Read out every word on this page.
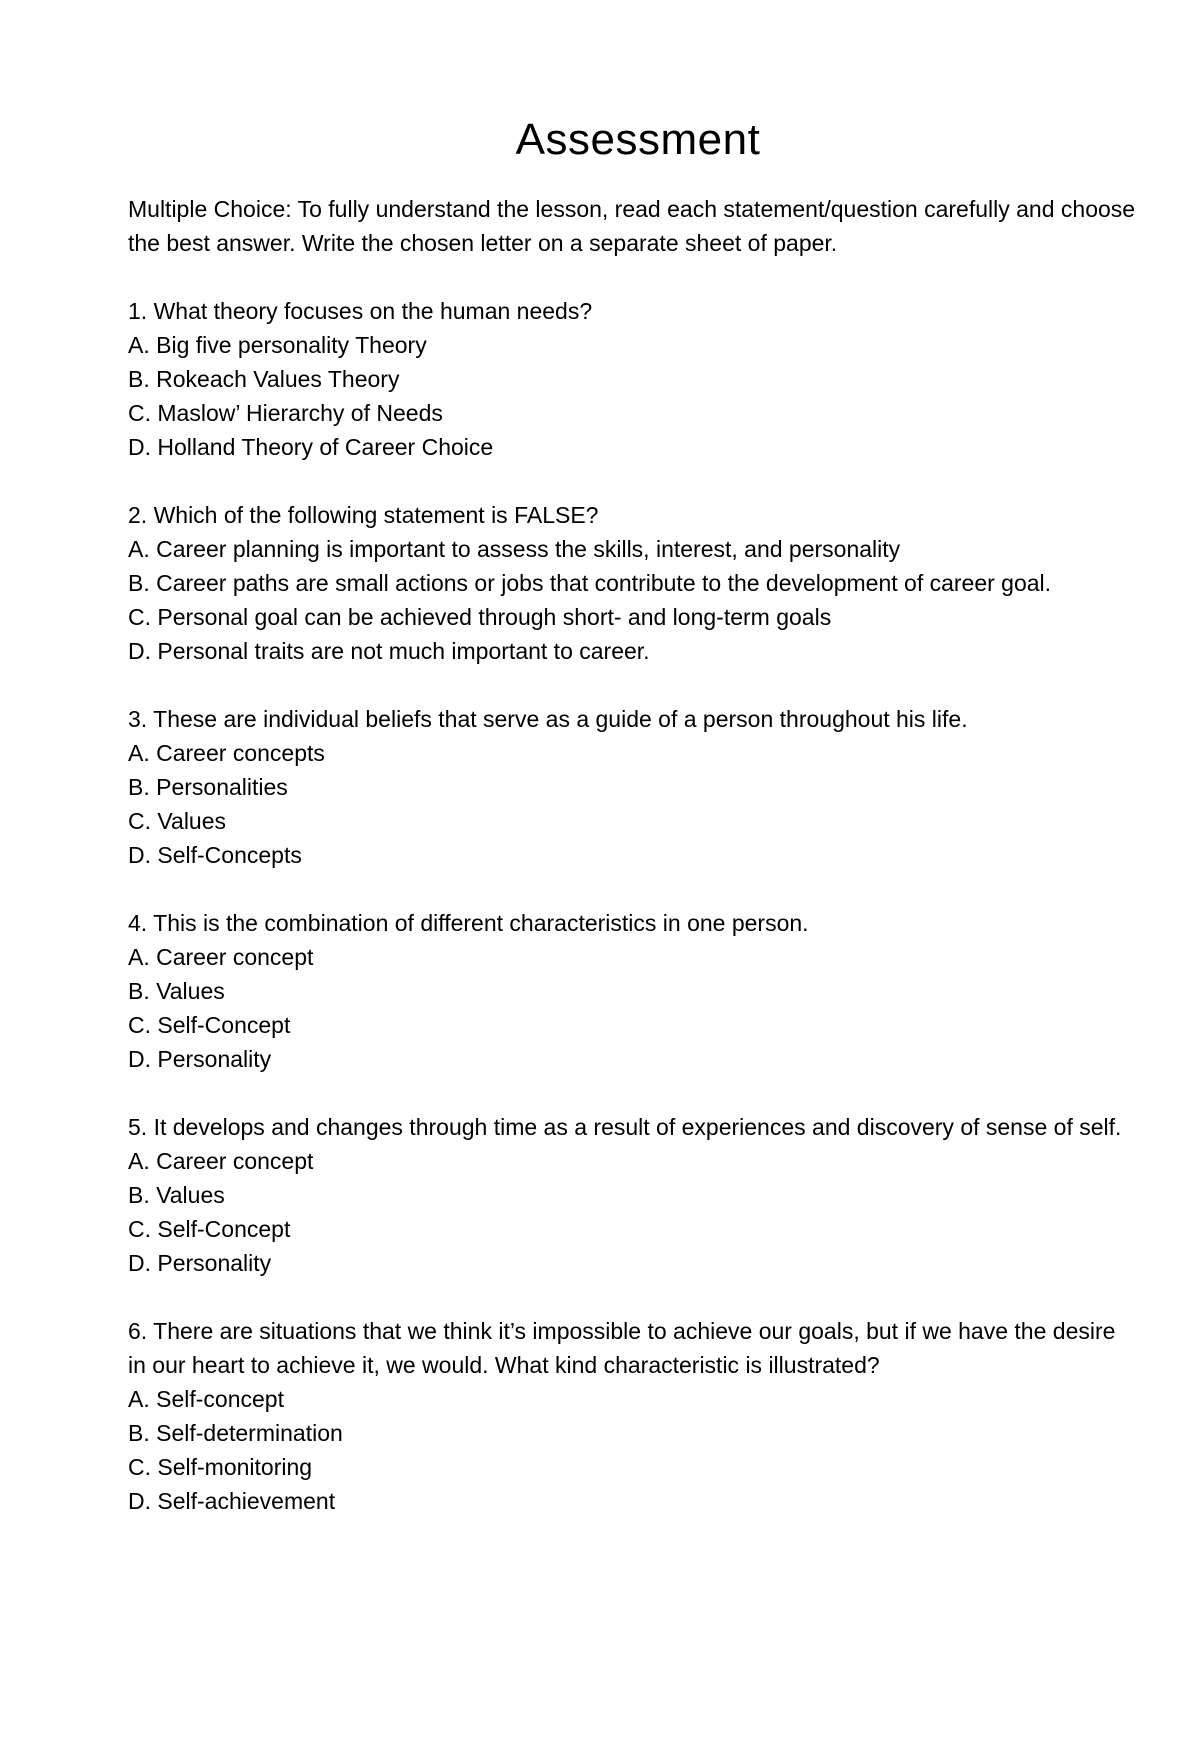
Assessment

Multiple Choice: To fully understand the lesson, read each statement/question carefully and choose the best answer. Write the chosen letter on a separate sheet of paper.

1. What theory focuses on the human needs?

A. Big five personality Theory

B. Rokeach Values Theory

C. Maslow’ Hierarchy of Needs

D. Holland Theory of Career Choice

2. Which of the following statement is FALSE?

A. Career planning is important to assess the skills, interest, and personality

B. Career paths are small actions or jobs that contribute to the development of career goal.

C. Personal goal can be achieved through short- and long-term goals

D. Personal traits are not much important to career.

3. These are individual beliefs that serve as a guide of a person throughout his life.

A. Career concepts

B. Personalities

C. Values

D. Self-Concepts

4. This is the combination of different characteristics in one person.

A. Career concept

B. Values

C. Self-Concept

D. Personality

5. It develops and changes through time as a result of experiences and discovery of sense of self.

A. Career concept

B. Values

C. Self-Concept

D. Personality

6. There are situations that we think it’s impossible to achieve our goals, but if we have the desire in our heart to achieve it, we would. What kind characteristic is illustrated?

A. Self-concept

B. Self-determination

C. Self-monitoring

D. Self-achievement
